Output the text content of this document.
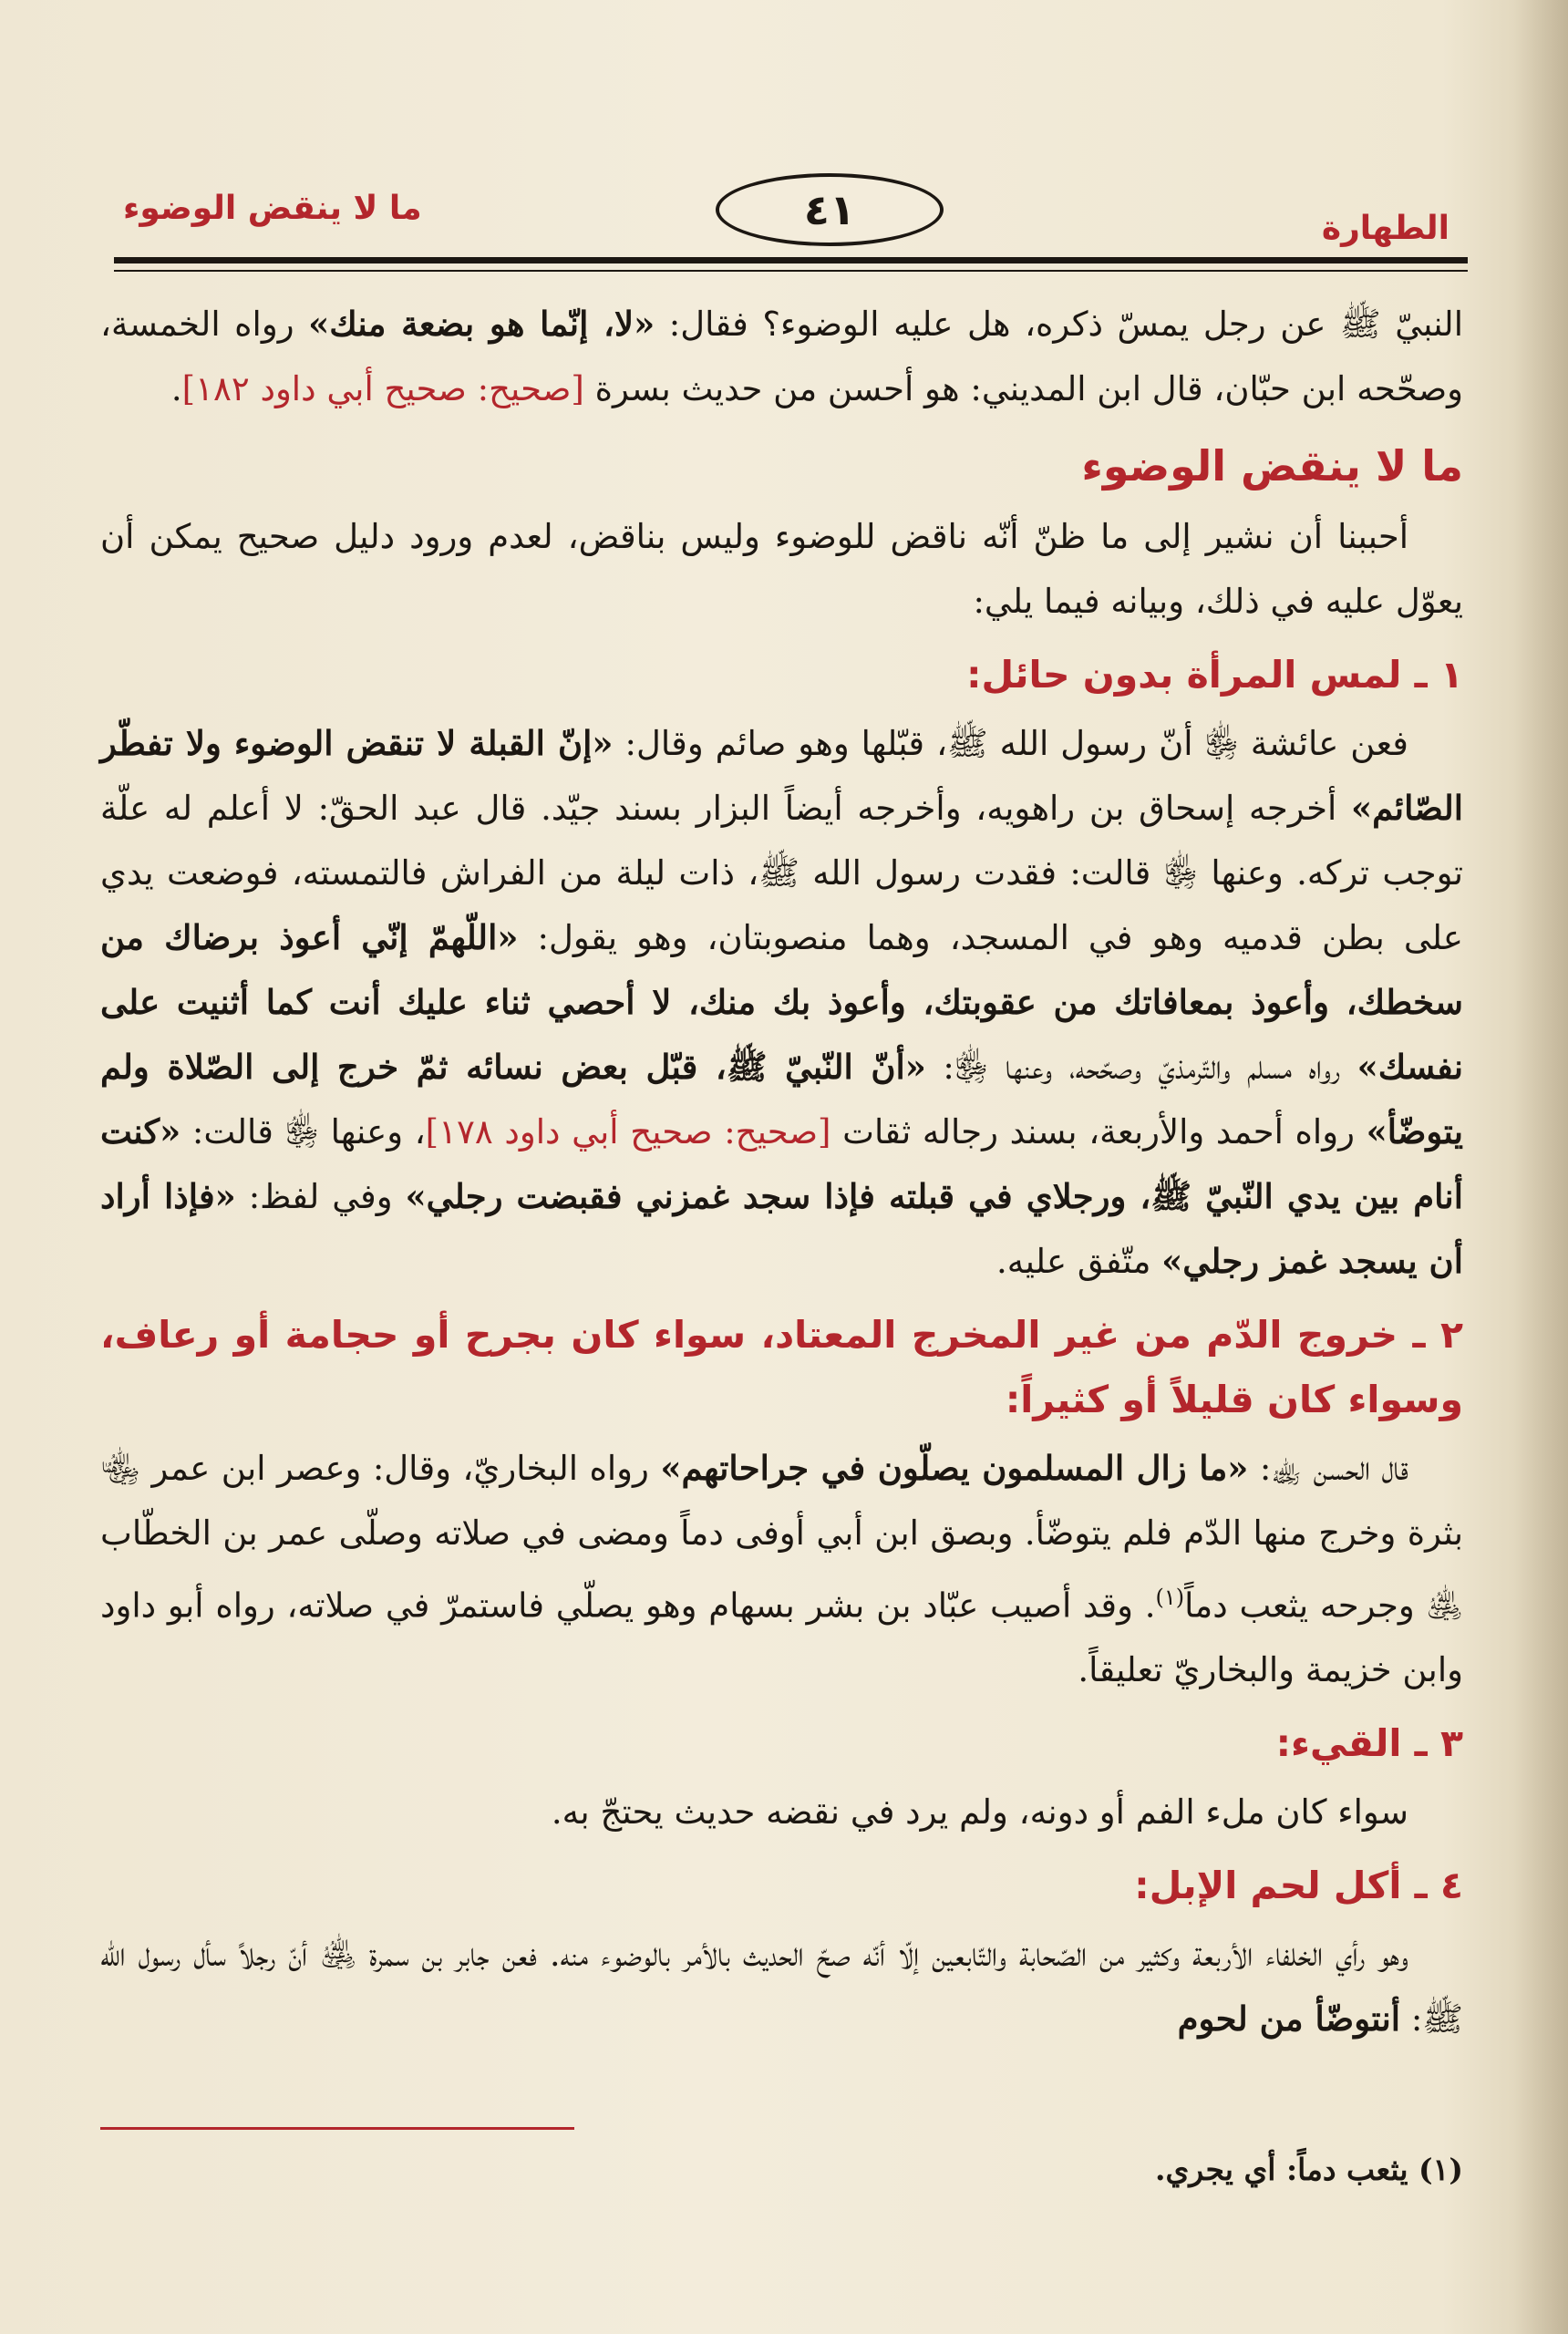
الطهارة
٤١
ما لا ينقض الوضوء

النبيّ ﷺ عن رجل يمسّ ذكره، هل عليه الوضوء؟ فقال: «لا، إنّما هو بضعة منك» رواه الخمسة، وصحّحه ابن حبّان، قال ابن المديني: هو أحسن من حديث بسرة [صحيح: صحيح أبي داود ١٨٢].

ما لا ينقض الوضوء

أحببنا أن نشير إلى ما ظنّ أنّه ناقض للوضوء وليس بناقض، لعدم ورود دليل صحيح يمكن أن يعوّل عليه في ذلك، وبيانه فيما يلي:

١ ـ لمس المرأة بدون حائل:

فعن عائشة ﵂ أنّ رسول الله ﷺ، قبّلها وهو صائم وقال: «إنّ القبلة لا تنقض الوضوء ولا تفطّر الصّائم» أخرجه إسحاق بن راهويه، وأخرجه أيضاً البزار بسند جيّد. قال عبد الحقّ: لا أعلم له علّة توجب تركه. وعنها ﵂ قالت: فقدت رسول الله ﷺ، ذات ليلة من الفراش فالتمسته، فوضعت يدي على بطن قدميه وهو في المسجد، وهما منصوبتان، وهو يقول: «اللّهمّ إنّي أعوذ برضاك من سخطك، وأعوذ بمعافاتك من عقوبتك، وأعوذ بك منك، لا أحصي ثناء عليك أنت كما أثنيت على نفسك» رواه مسلم والتّرمذيّ وصحّحه، وعنها ﵂: «أنّ النّبيّ ﷺ، قبّل بعض نسائه ثمّ خرج إلى الصّلاة ولم يتوضّأ» رواه أحمد والأربعة، بسند رجاله ثقات [صحيح: صحيح أبي داود ١٧٨]، وعنها ﵂ قالت: «كنت أنام بين يدي النّبيّ ﷺ، ورجلاي في قبلته فإذا سجد غمزني فقبضت رجلي» وفي لفظ: «فإذا أراد أن يسجد غمز رجلي» متّفق عليه.

٢ ـ خروج الدّم من غير المخرج المعتاد، سواء كان بجرح أو حجامة أو رعاف، وسواء كان قليلاً أو كثيراً:

قال الحسن ﵀: «ما زال المسلمون يصلّون في جراحاتهم» رواه البخاريّ، وقال: وعصر ابن عمر ﵄ بثرة وخرج منها الدّم فلم يتوضّأ. وبصق ابن أبي أوفى دماً ومضى في صلاته وصلّى عمر بن الخطّاب ﵁ وجرحه يثعب دماً$^{(١)}$. وقد أصيب عبّاد بن بشر بسهام وهو يصلّي فاستمرّ في صلاته، رواه أبو داود وابن خزيمة والبخاريّ تعليقاً.

٣ ـ القيء:

سواء كان ملء الفم أو دونه، ولم يرد في نقضه حديث يحتجّ به.

٤ ـ أكل لحم الإبل:

وهو رأي الخلفاء الأربعة وكثير من الصّحابة والتّابعين إلّا أنّه صحّ الحديث بالأمر بالوضوء منه. فعن جابر بن سمرة ﵁ أنّ رجلاً سأل رسول الله ﷺ: أنتوضّأ من لحوم

(١) يثعب دماً: أي يجري.
